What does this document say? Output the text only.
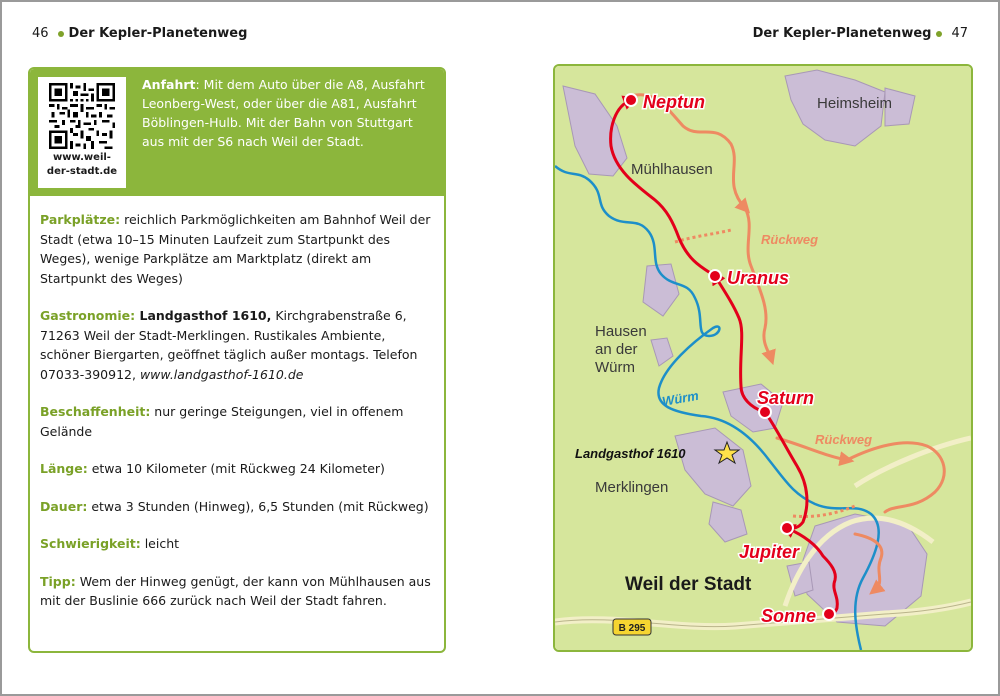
46 Der Kepler-Planetenweg
www.weil-
der-stadt.de
Anfahrt: Mit dem Auto über die A8, Ausfahrt Leonberg-West, oder über die A81, Ausfahrt Böblingen-Hulb. Mit der Bahn von Stuttgart aus mit der S6 nach Weil der Stadt.

Parkplätze: reichlich Parkmöglichkeiten am Bahnhof Weil der Stadt (etwa 10–15 Minuten Laufzeit zum Startpunkt des Weges), wenige Parkplätze am Marktplatz (direkt am Startpunkt des Weges)

Gastronomie: Landgasthof 1610, Kirchgrabenstraße 6, 71263 Weil der Stadt-Merklingen. Rustikales Ambiente, schöner Biergarten, geöffnet täglich außer montags. Telefon 07033-390912, www.landgasthof-1610.de

Beschaffenheit: nur geringe Steigungen, viel in offenem Gelände

Länge: etwa 10 Kilometer (mit Rückweg 24 Kilometer)

Dauer: etwa 3 Stunden (Hinweg), 6,5 Stunden (mit Rückweg)

Schwierigkeit: leicht

Tipp: Wem der Hinweg genügt, der kann von Mühlhausen aus mit der Buslinie 666 zurück nach Weil der Stadt fahren.

Der Kepler-Planetenweg 47
B 295
Heimsheim
Mühlhausen
Hausen
an der
Würm
Merklingen
Weil der Stadt
Würm
Landgasthof 1610
Rückweg
Rückweg
Neptun
Uranus
Saturn
Jupiter
Sonne
